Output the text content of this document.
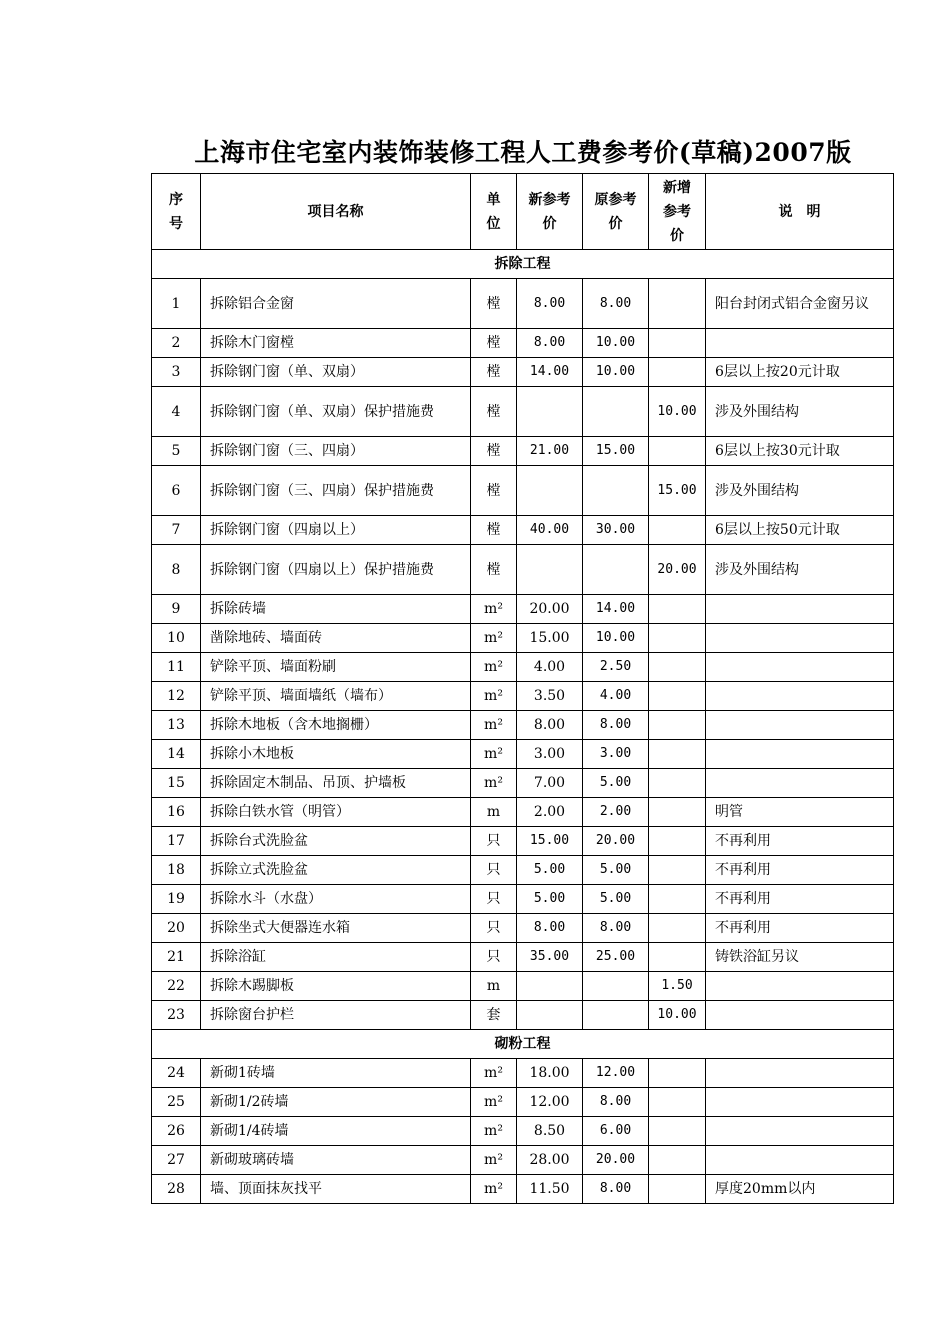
上海市住宅室内装饰装修工程人工费参考价(草稿)2007版
序号	项目名称	单位	新参考价	原参考价	新增参考价	说　明
拆除工程						
1	拆除铝合金窗	樘	8.00	8.00		阳台封闭式铝合金窗另议
2	拆除木门窗樘	樘	8.00	10.00		
3	拆除钢门窗（单、双扇）	樘	14.00	10.00		6层以上按20元计取
4	拆除钢门窗（单、双扇）保护措施费	樘			10.00	涉及外围结构
5	拆除钢门窗（三、四扇）	樘	21.00	15.00		6层以上按30元计取
6	拆除钢门窗（三、四扇）保护措施费	樘			15.00	涉及外围结构
7	拆除钢门窗（四扇以上）	樘	40.00	30.00		6层以上按50元计取
8	拆除钢门窗（四扇以上）保护措施费	樘			20.00	涉及外围结构
9	拆除砖墙	m²	20.00	14.00		
10	凿除地砖、墙面砖	m²	15.00	10.00		
11	铲除平顶、墙面粉刷	m²	4.00	2.50		
12	铲除平顶、墙面墙纸（墙布）	m²	3.50	4.00		
13	拆除木地板（含木地搁栅）	m²	8.00	8.00		
14	拆除小木地板	m²	3.00	3.00		
15	拆除固定木制品、吊顶、护墙板	m²	7.00	5.00		
16	拆除白铁水管（明管）	m	2.00	2.00		明管
17	拆除台式洗脸盆	只	15.00	20.00		不再利用
18	拆除立式洗脸盆	只	5.00	5.00		不再利用
19	拆除水斗（水盘）	只	5.00	5.00		不再利用
20	拆除坐式大便器连水箱	只	8.00	8.00		不再利用
21	拆除浴缸	只	35.00	25.00		铸铁浴缸另议
22	拆除木踢脚板	m			1.50	
23	拆除窗台护栏	套			10.00	
砌粉工程						
24	新砌1砖墙	m²	18.00	12.00		
25	新砌1/2砖墙	m²	12.00	8.00		
26	新砌1/4砖墙	m²	8.50	6.00		
27	新砌玻璃砖墙	m²	28.00	20.00		
28	墙、顶面抹灰找平	m²	11.50	8.00		厚度20mm以内
